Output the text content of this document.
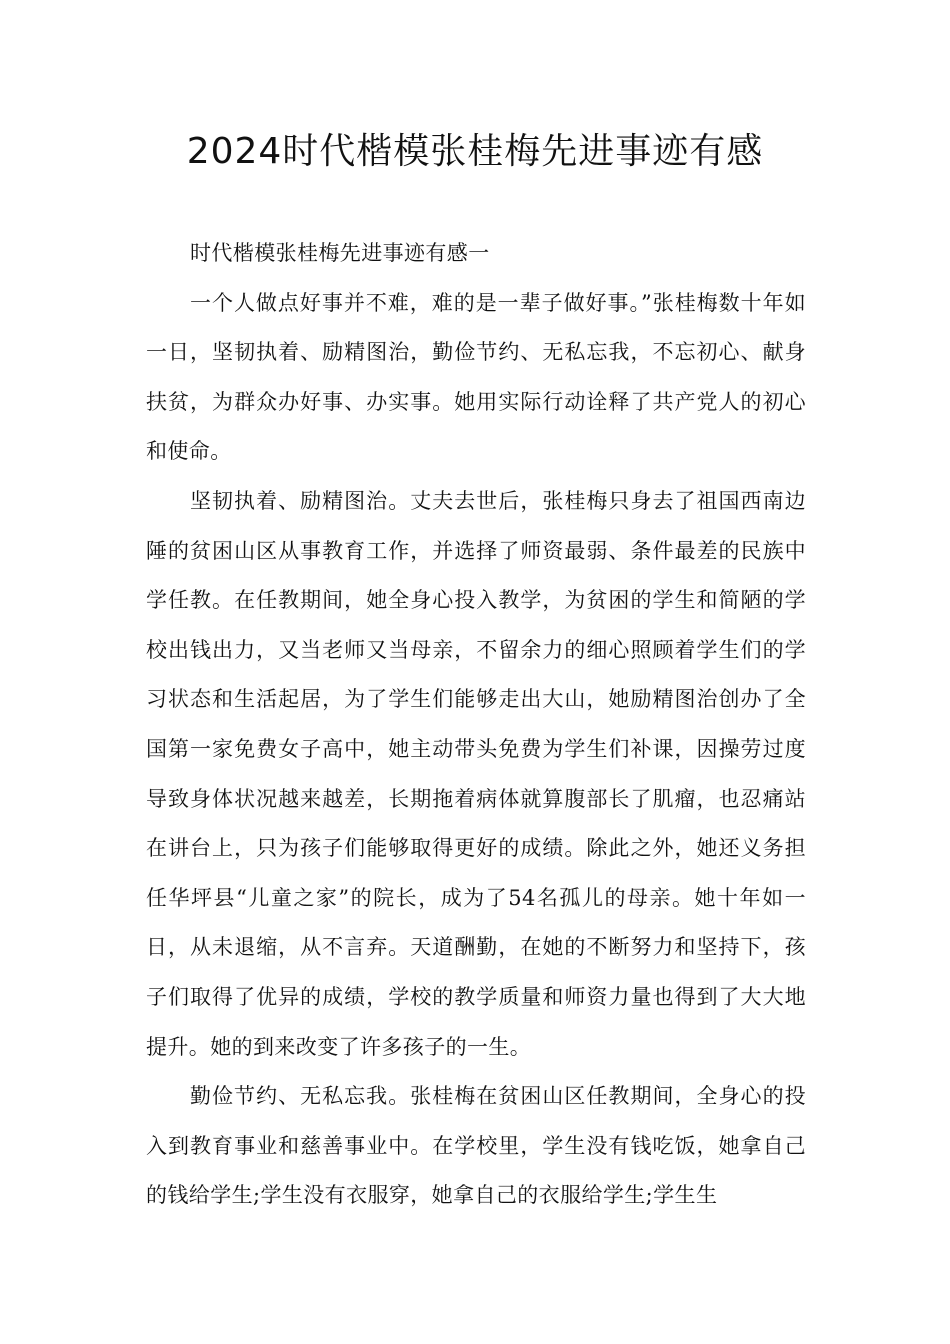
2024时代楷模张桂梅先进事迹有感

时代楷模张桂梅先进事迹有感一

一个人做点好事并不难，难的是一辈子做好事。”张桂梅数十年如一日，坚韧执着、励精图治，勤俭节约、无私忘我，不忘初心、献身扶贫，为群众办好事、办实事。她用实际行动诠释了共产党人的初心和使命。

坚韧执着、励精图治。丈夫去世后，张桂梅只身去了祖国西南边陲的贫困山区从事教育工作，并选择了师资最弱、条件最差的民族中学任教。在任教期间，她全身心投入教学，为贫困的学生和简陋的学校出钱出力，又当老师又当母亲，不留余力的细心照顾着学生们的学习状态和生活起居，为了学生们能够走出大山，她励精图治创办了全国第一家免费女子高中，她主动带头免费为学生们补课，因操劳过度导致身体状况越来越差，长期拖着病体就算腹部长了肌瘤，也忍痛站在讲台上，只为孩子们能够取得更好的成绩。除此之外，她还义务担任华坪县“儿童之家”的院长，成为了54名孤儿的母亲。她十年如一日，从未退缩，从不言弃。天道酬勤，在她的不断努力和坚持下，孩子们取得了优异的成绩，学校的教学质量和师资力量也得到了大大地提升。她的到来改变了许多孩子的一生。

勤俭节约、无私忘我。张桂梅在贫困山区任教期间，全身心的投入到教育事业和慈善事业中。在学校里，学生没有钱吃饭，她拿自己的钱给学生;学生没有衣服穿，她拿自己的衣服给学生;学生生
